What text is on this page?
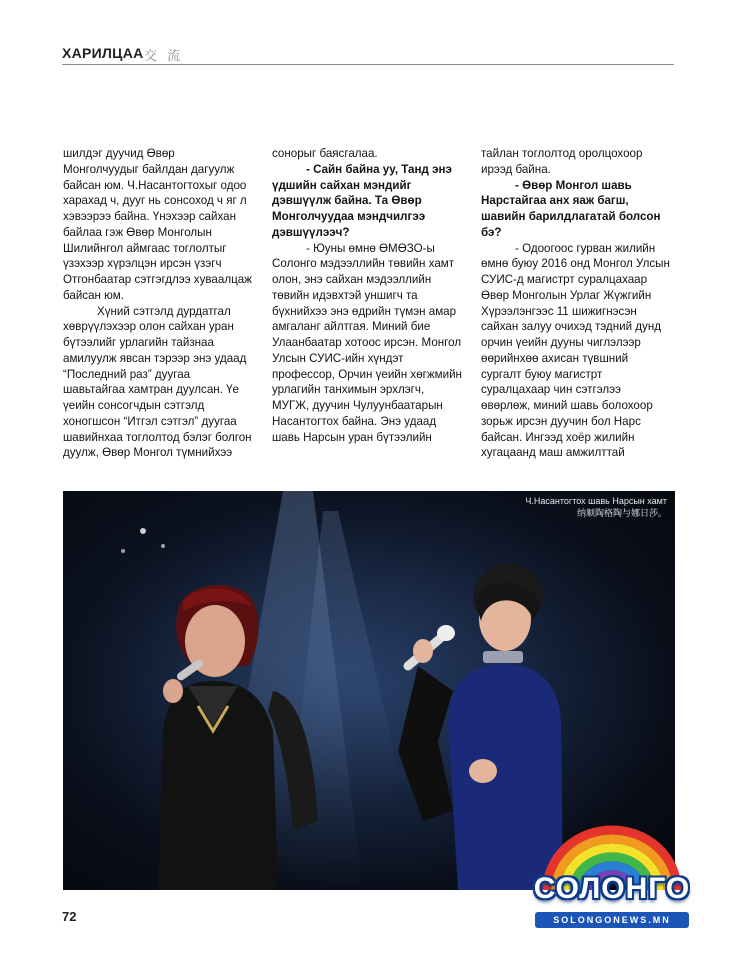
ХАРИЛЦАА 交 流

шилдэг дуучид Өвөр Монголчуудыг байлдан дагуулж байсан юм. Ч.Насантогтохыг одоо харахад ч, дууг нь сонсоход ч яг л хэвээрээ байна. Үнэхээр сайхан байлаа гэж Өвөр Монголын Шилийнгол аймгаас тоглолтыг үзэхээр хүрэлцэн ирсэн үзэгч Отгонбаатар сэтгэгдлээ хуваалцаж байсан юм.

Хүний сэтгэлд дурдатгал хөврүүлэхээр олон сайхан уран бүтээлийг урлагийн тайзнаа амилуулж явсан тэрээр энэ удаад “Последний раз” дуугаа шавьтайгаа хамтран дуулсан. Үе үеийн сонсогчдын сэтгэлд хоногшсон “Итгэл сэтгэл” дуугаа шавийнхаа тоглолтод бэлэг болгон дуулж, Өвөр Монгол түмнийхээ

сонорыг баясгалаа.

- Сайн байна уу, Танд энэ үдшийн сайхан мэндийг дэвшүүлж байна. Та Өвөр Монголчуудаа мэндчилгээ дэвшүүлээч?

- Юуны өмнө ӨМӨЗО-ы Солонго мэдээллийн төвийн хамт олон, энэ сайхан мэдээллийн төвийн идэвхтэй уншигч та бүхнийхээ энэ өдрийн түмэн амар амгаланг айлтгая. Миний бие Улаанбаатар хотоос ирсэн. Монгол Улсын СУИС-ийн хүндэт профессор, Орчин үеийн хөгжмийн урлагийн танхимын эрхлэгч, МУГЖ, дуучин Чулуунбаатарын Насантогтох байна. Энэ удаад шавь Нарсын уран бүтээлийн

тайлан тоглолтод оролцохоор ирээд байна.

- Өвөр Монгол шавь Нарстайгаа анх яаж багш, шавийн барилдлагатай болсон бэ?

- Одоогоос гурван жилийн өмнө буюу 2016 онд Монгол Улсын СУИС-д магистрт суралцахаар Өвөр Монголын Урлаг Жүжгийн Хүрээлэнгээс 11 шижигнэсэн сайхан залуу очихэд тэдний дунд орчин үеийн дууны чиглэлээр өөрийнхөө ахисан түвшний сургалт буюу магистрт суралцахаар чин сэтгэлээ өвөрлөж, миний шавь болохоор зорьж ирсэн дуучин бол Нарс байсан. Ингээд хоёр жилийн хугацаанд маш амжилттай

Ч.Насантогтох шавь Нарсын хамт
纳顺陶格陶与娜日莎。
72
СОЛОНГО
SOLONGONEWS.MN
